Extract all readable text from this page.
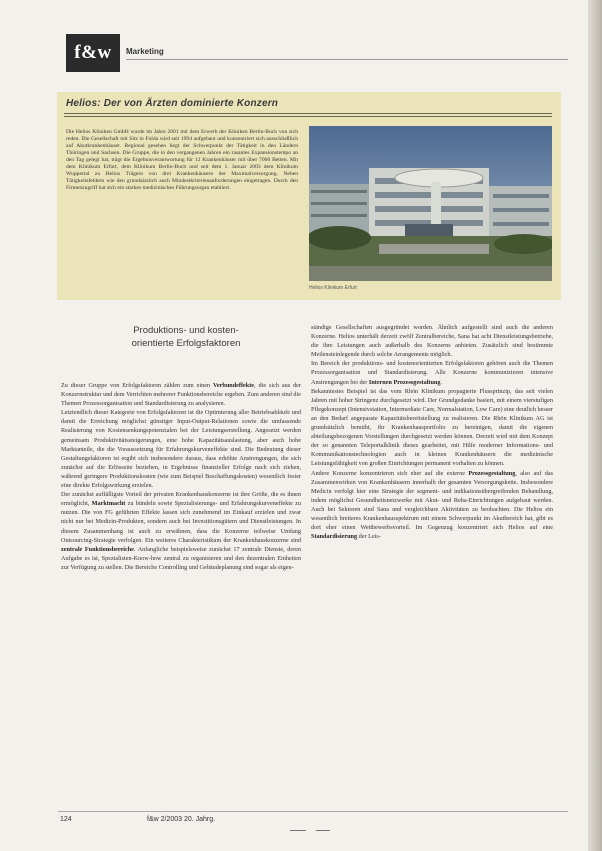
f&w	Marketing
Helios: Der von Ärzten dominierte Konzern
Die Helios Kliniken GmbH wurde im Jahre 2001 mit dem Erwerb der Kliniken Berlin-Buch von sich reden. Die Gesellschaft mit Sitz in Fulda wird seit 1994 aufgebaut und konzentriert sich ausschließlich auf Akutkrankenhäuser. Regional gesehen liegt der Schwerpunkt der Tätigkeit in den Ländern Thüringen und Sachsen. Die Gruppe, die in den vergangenen Jahren ein rasantes Expansionstempo an den Tag gelegt hat, trägt die Ergebnisverantwortung für 12 Krankenhäuser mit über 7000 Betten. Mit dem Klinikum Erfurt, dem Klinikum Berlin-Buch und seit dem 1. Januar 2003 dem Klinikum Wuppertal zu Helios Trägern von drei Krankenhäusern der Maximalversorgung. Neben Tätigkeitsfeldern wie den grundsätzlich auch Mindestkriterienanforderungen eingetragen. Durch den Firmenzugriff hat sich ein starkes medizinisches Führungsorgan etabliert.
Helios Klinikum Erfurt
Produktions- und kosten-
orientierte Erfolgsfaktoren

Zu dieser Gruppe von Erfolgsfaktoren zählen zum einen Verbundeffekte, die sich aus der Konzernstruktur und dem Verrichten mehrerer Funktionsbereiche ergeben. Zum anderen sind die Themen Prozessorganisation und Standardisierung zu analysieren.

Letztendlich dieser Kategorie von Erfolgsfaktoren ist die Optimierung aller Betriebsabläufe und damit die Erreichung möglichst günstiger Input-Output-Relationen sowie die umfassende Realisierung von Kostensenkungspotenzialen bei der Leistungserstellung. Angesetzt werden gemeinsam Produktivitätssteigerungen, eine hohe Kapazitätsauslastung, aber auch hohe Marktanteile, die die Voraussetzung für Erfahrungskurveneffekte sind. Die Bedeutung dieser Gestaltungsfaktoren ist ergibt sich insbesondere daraus, dass erhöhte Anstrengungen, die sich zunächst auf die Erlösseite beziehen, in Ergebnisse finanzieller Erfolge nach sich ziehen, während geringere Produktionskosten (wie zum Beispiel Beschaffungskosten) wesentlich fester eine direkte Erfolgswirkung erzielen.

Der zunächst auffälligste Vorteil der privaten Krankenhauskonzerne ist ihre Größe, die es ihnen ermöglicht, Marktmacht zu bündeln sowie Spezialisierungs- und Erfahrungskurveneffekte zu nutzen. Die von FG geführten Effekte lassen sich zunehmend im Einkauf erzielen und zwar nicht nur bei Medizin-Produkten, sondern auch bei Investitionsgütern und Dienstleistungen. In diesem Zusammenhang ist auch zu erwähnen, dass die Konzerne teilweise Umfang Outsourcing-Strategie verfolgen. Ein weiteres Charakteristikum der Krankenhauskonzerne sind zentrale Funktionsbereiche. Anfangliche beispielsweise zunächst 17 zentrale Dienste, deren Aufgabe es ist, Spezialisten-Know-how zentral zu organisieren und den dezentralen Einheiten zur Verfügung zu stellen. Die Bereiche Controlling und Gebäudeplanung sind sogar als eigen-

ständige Gesellschaften ausgegründet worden. Ähnlich aufgestellt sind auch die anderen Konzerne. Helios unterhält derzeit zwölf Zentralbereiche, Sana hat acht Dienstleistungsbetriebe, die ihre Leistungen auch außerhalb des Konzerns anbieten. Zusätzlich sind bestimmte Meilensteinlegende durch solche Arrangements möglich.

Im Bereich der produktions- und kostenorientierten Erfolgsfaktoren gehören auch die Themen Prozessorganisation und Standardisierung. Alle Konzerne kommunizieren intensive Anstrengungen bei der Internen Prozessgestaltung.

Bekanntestes Beispiel ist das vom Rhön Klinikum propagierte Flussprinzip, das seit vielen Jahren mit hoher Stringenz durchgesetzt wird. Der Grundgedanke basiert, mit einem vierstufigen Pflegekonzept (Intensivstation, Intermediate Care, Normalstation, Low Care) eine deutlich besser an den Bedarf angepasste Kapazitätsbereitstellung zu realisieren. Die Rhön Klinikum AG ist grundsätzlich bemüht, ihr Krankenhausportfolio zu bereinigen, damit die eigenen abteilungsbezogenen Vorstellungen durchgesetzt werden können. Derzeit wird mit dem Konzept der so genannten Teleportalklinik dieses gearbeitet, mit Hilfe moderner Informations- und Kommunikationstechnologien auch in kleinen Krankenhäusern die medizinische Leistungsfähigkeit von großen Einrichtungen permanent vorhalten zu können.

Andere Konzerne konzentrieren sich eher auf die externe Prozessgestaltung, also auf das Zusammenwirken von Krankenhäusern innerhalb der gesamten Versorgungskette. Insbesondere Medicin verfolgt hier eine Strategie der segment- und indikationsübergreifenden Behandlung, indem möglichst Gesundheitsnetzwerke mit Akut- und Reha-Einrichtungen aufgebaut werden. Auch bei Sektoren sind Sana und vergleichbare Aktivitäten zu beobachten. Die Helios ein wesentlich breiteres Krankenhausspektrum mit einem Schwerpunkt im Akutbereich hat, gibt es dort eher einen Wettbewerbsvorteil. Im Gegenzug konzentriert sich Helios auf eine Standardisierung der Leis-

124	f&w 2/2003 20. Jahrg.
